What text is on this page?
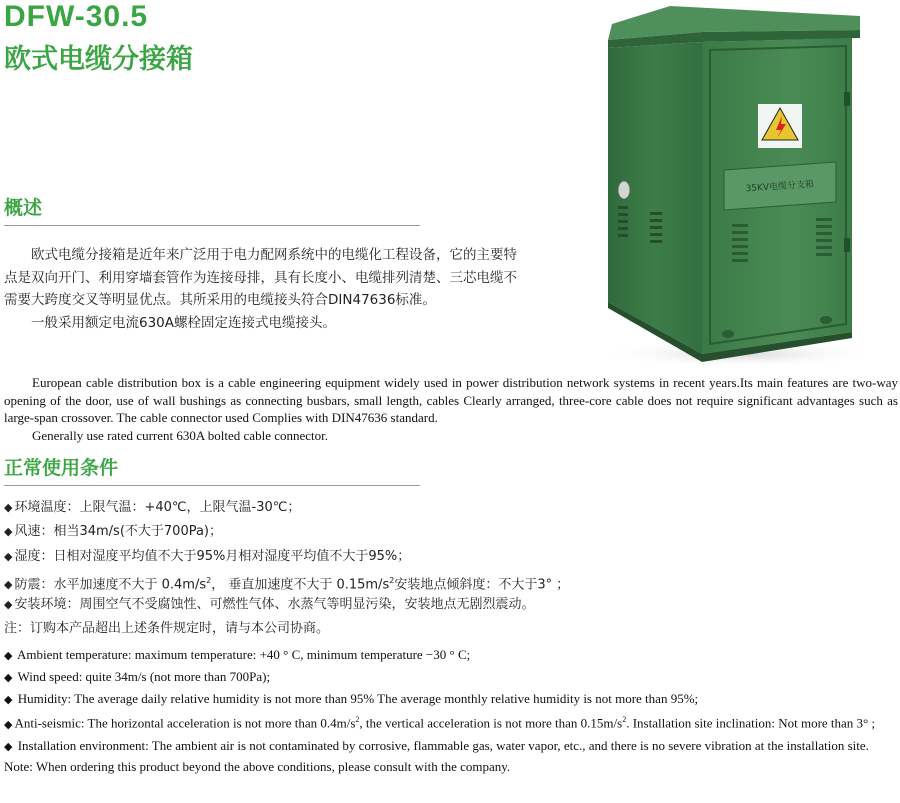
DFW-30.5
欧式电缆分接箱
35KV电缆分支箱
概述

欧式电缆分接箱是近年来广泛用于电力配网系统中的电缆化工程设备，它的主要特点是双向开门、利用穿墙套管作为连接母排，具有长度小、电缆排列清楚、三芯电缆不需要大跨度交叉等明显优点。其所采用的电缆接头符合DIN47636标准。

一般采用额定电流630A螺栓固定连接式电缆接头。

European cable distribution box is a cable engineering equipment widely used in power distribution network systems in recent years.Its main features are two-way opening of the door, use of wall bushings as connecting busbars, small length, cables Clearly arranged, three-core cable does not require significant advantages such as large-span crossover. The cable connector used Complies with DIN47636 standard.

Generally use rated current 630A bolted cable connector.

正常使用条件
◆ 环境温度：上限气温：+40℃，上限气温-30℃；
◆ 风速：相当34m/s(不大于700Pa)；
◆ 湿度：日相对湿度平均值不大于95%月相对湿度平均值不大于95%；
◆ 防震：水平加速度不大于 $0.4m/s^2$， 垂直加速度不大于 $0.15m/s^2$安装地点倾斜度：不大于3° ；
◆ 安装环境：周围空气不受腐蚀性、可燃性气体、水蒸气等明显污染，安装地点无剧烈震动。
注：订购本产品超出上述条件规定时，请与本公司协商。
◆ Ambient temperature: maximum temperature: +40 ° C, minimum temperature −30 ° C;
◆ Wind speed: quite 34m/s (not more than 700Pa);
◆ Humidity: The average daily relative humidity is not more than 95% The average monthly relative humidity is not more than 95%;
◆ Anti-seismic: The horizontal acceleration is not more than $0.4m/s^2$, the vertical acceleration is not more than $0.15m/s^2$. Installation site inclination: Not more than 3° ;
◆ Installation environment: The ambient air is not contaminated by corrosive, flammable gas, water vapor, etc., and there is no severe vibration at the installation site.
Note: When ordering this product beyond the above conditions, please consult with the company.
